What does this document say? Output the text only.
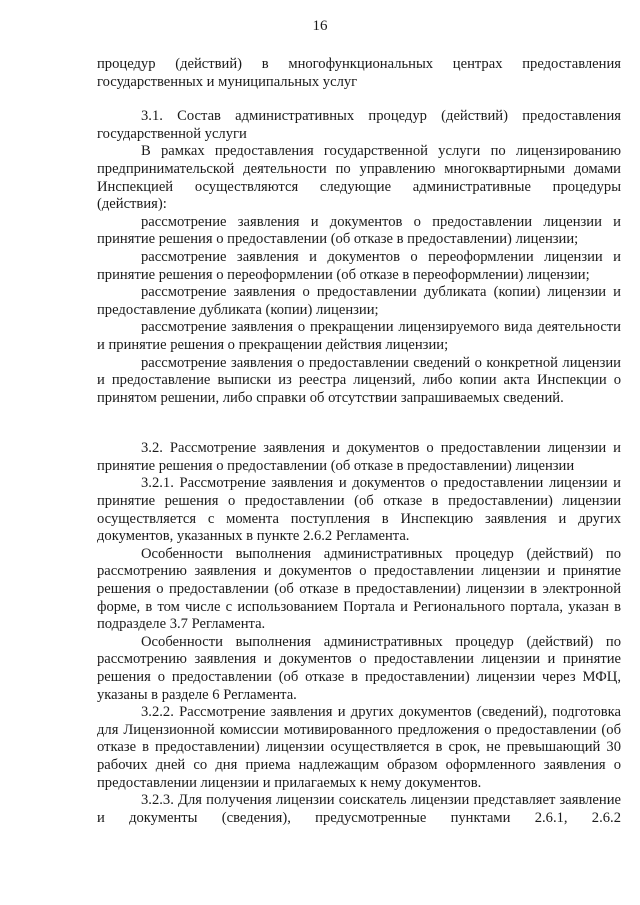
16

процедур (действий) в многофункциональных центрах предоставления государственных и муниципальных услуг

3.1. Состав административных процедур (действий) предоставления государственной услуги

В рамках предоставления государственной услуги по лицензированию предпринимательской деятельности по управлению многоквартирными домами Инспекцией осуществляются следующие административные процедуры (действия):

рассмотрение заявления и документов о предоставлении лицензии и принятие решения о предоставлении (об отказе в предоставлении) лицензии;

рассмотрение заявления и документов о переоформлении лицензии и принятие решения о переоформлении (об отказе в переоформлении) лицензии;

рассмотрение заявления о предоставлении дубликата (копии) лицензии и предоставление дубликата (копии) лицензии;

рассмотрение заявления о прекращении лицензируемого вида деятельности и принятие решения о прекращении действия лицензии;

рассмотрение заявления о предоставлении сведений о конкретной лицензии и предоставление выписки из реестра лицензий, либо копии акта Инспекции о принятом решении, либо справки об отсутствии запрашиваемых сведений.

3.2. Рассмотрение заявления и документов о предоставлении лицензии и принятие решения о предоставлении (об отказе в предоставлении) лицензии

3.2.1. Рассмотрение заявления и документов о предоставлении лицензии и принятие решения о предоставлении (об отказе в предоставлении) лицензии осуществляется с момента поступления в Инспекцию заявления и других документов, указанных в пункте 2.6.2 Регламента.

Особенности выполнения административных процедур (действий) по рассмотрению заявления и документов о предоставлении лицензии и принятие решения о предоставлении (об отказе в предоставлении) лицензии в электронной форме, в том числе с использованием Портала и Регионального портала, указан в подразделе 3.7 Регламента.

Особенности выполнения административных процедур (действий) по рассмотрению заявления и документов о предоставлении лицензии и принятие решения о предоставлении (об отказе в предоставлении) лицензии через МФЦ, указаны в разделе 6 Регламента.

3.2.2. Рассмотрение заявления и других документов (сведений), подготовка для Лицензионной комиссии мотивированного предложения о предоставлении (об отказе в предоставлении) лицензии осуществляется в срок, не превышающий 30 рабочих дней со дня приема надлежащим образом оформленного заявления о предоставлении лицензии и прилагаемых к нему документов.

3.2.3. Для получения лицензии соискатель лицензии представляет заявление и документы (сведения), предусмотренные пунктами 2.6.1, 2.6.2
